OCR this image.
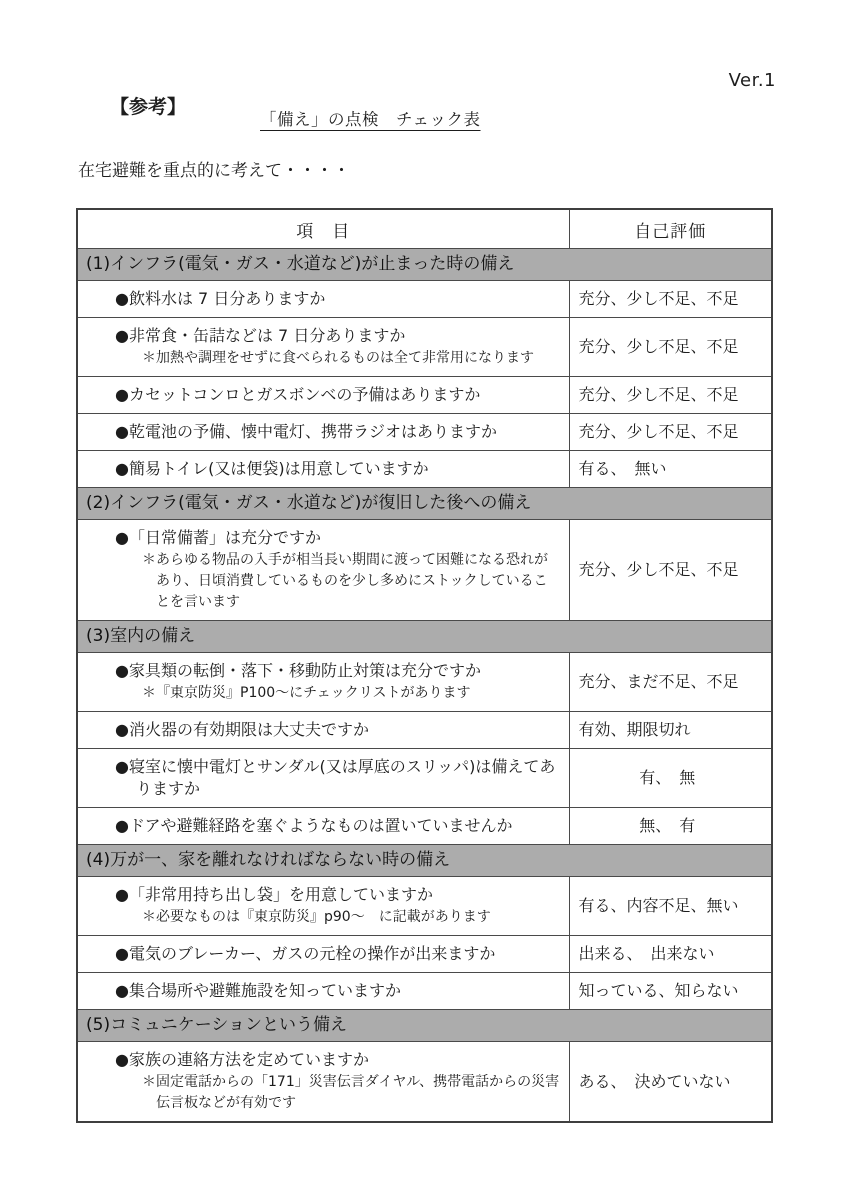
Ver.1
【参考】
「備え」の点検　チェック表
在宅避難を重点的に考えて・・・・
項　目	自己評価
(1)インフラ(電気・ガス・水道など)が止まった時の備え	

●飲料水は 7 日分ありますか	充分、少し不足、不足

●非常食・缶詰などは 7 日分ありますか
＊加熱や調理をせずに食べられるものは全て非常用になります	充分、少し不足、不足

●カセットコンロとガスボンベの予備はありますか	充分、少し不足、不足

●乾電池の予備、懐中電灯、携帯ラジオはありますか	充分、少し不足、不足

●簡易トイレ(又は便袋)は用意していますか	有る、　無い
(2)インフラ(電気・ガス・水道など)が復旧した後への備え	

●「日常備蓄」は充分ですか
＊あらゆる物品の入手が相当長い期間に渡って困難になる恐れがあり、日頃消費しているものを少し多めにストックしていることを言います	充分、少し不足、不足
(3)室内の備え	

●家具類の転倒・落下・移動防止対策は充分ですか
＊『東京防災』P100〜にチェックリストがあります	充分、まだ不足、不足

●消火器の有効期限は大丈夫ですか	有効、期限切れ

●寝室に懐中電灯とサンダル(又は厚底のスリッパ)は備えてありますか	有、　無

●ドアや避難経路を塞ぐようなものは置いていませんか	無、　有
(4)万が一、家を離れなければならない時の備え	

●「非常用持ち出し袋」を用意していますか
＊必要なものは『東京防災』p90〜　に記載があります	有る、内容不足、無い

●電気のブレーカー、ガスの元栓の操作が出来ますか	出来る、　出来ない

●集合場所や避難施設を知っていますか	知っている、知らない
(5)コミュニケーションという備え	

●家族の連絡方法を定めていますか
＊固定電話からの「171」災害伝言ダイヤル、携帯電話からの災害伝言板などが有効です	ある、　決めていない
